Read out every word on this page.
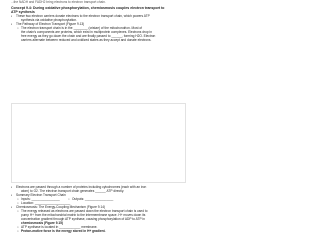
...the NADH and FADH2 bring electrons to electron transport chain.
Concept 9.4: During oxidative phosphorylation, chemiosmosis couples electron transport to
ATP synthesis
▪ These two electron carriers donate electrons to the electron transport chain, which powers ATP
synthesis via oxidative phosphorylation.
▪ The Pathway of Electron Transport (Figure 9.13)
○ The electron transport chain is in the ________ (cristae) of the mitochondrion. Most of
the chain's components are proteins, which exist in multiprotein complexes. Electrons drop in
free energy as they go down the chain and are finally passed to ______, forming H2O. Electron
carriers alternate between reduced and oxidized states as they accept and donate electrons.
▪ Electrons are passed through a number of proteins including cytochromes (each with an iron
atom) to O2. The electron transport chain generates ______ ATP directly.
▪ Summary Electron Transport Chain
○ Inputs: ________________
○	Outputs: ________________
○ Location: ____________________
▪ Chemiosmosis: The Energy-Coupling Mechanism (Figure 9.14)
○ The energy released as electrons are passed down the electron transport chain is used to
pump H+ from the mitochondrial matrix to the intermembrane space. H+ moves down its
concentration gradient through ATP synthase, causing phosphorylation of ADP to ATP in
chemiosmosis (Figure 9.15)
○ ATP synthase is located in ____________ membrane.
○ Proton-motive force is the energy stored in H+ gradient.
